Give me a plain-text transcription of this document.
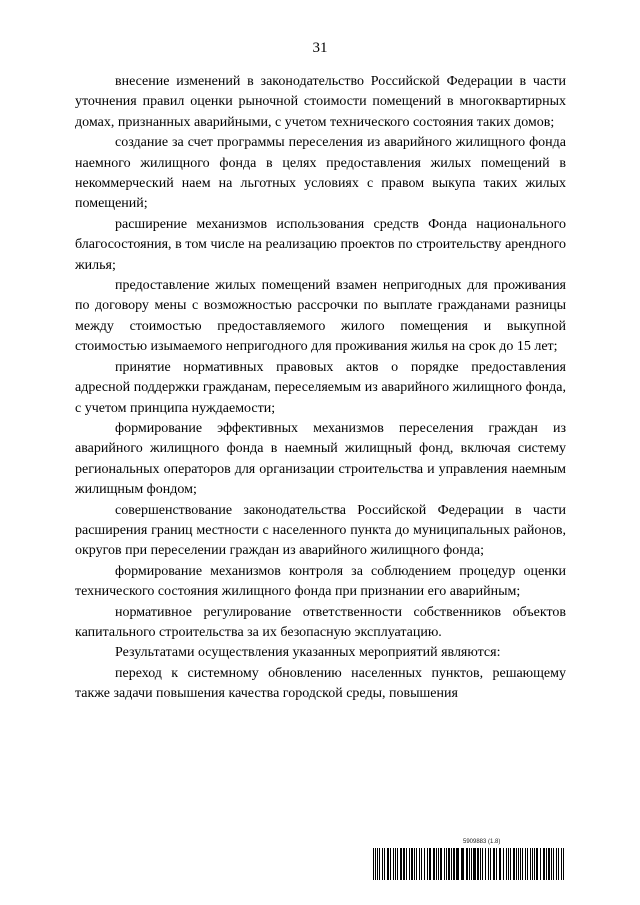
31

внесение изменений в законодательство Российской Федерации в части уточнения правил оценки рыночной стоимости помещений в многоквартирных домах, признанных аварийными, с учетом технического состояния таких домов;

создание за счет программы переселения из аварийного жилищного фонда наемного жилищного фонда в целях предоставления жилых помещений в некоммерческий наем на льготных условиях с правом выкупа таких жилых помещений;

расширение механизмов использования средств Фонда национального благосостояния, в том числе на реализацию проектов по строительству арендного жилья;

предоставление жилых помещений взамен непригодных для проживания по договору мены с возможностью рассрочки по выплате гражданами разницы между стоимостью предоставляемого жилого помещения и выкупной стоимостью изымаемого непригодного для проживания жилья на срок до 15 лет;

принятие нормативных правовых актов о порядке предоставления адресной поддержки гражданам, переселяемым из аварийного жилищного фонда, с учетом принципа нуждаемости;

формирование эффективных механизмов переселения граждан из аварийного жилищного фонда в наемный жилищный фонд, включая систему региональных операторов для организации строительства и управления наемным жилищным фондом;

совершенствование законодательства Российской Федерации в части расширения границ местности с населенного пункта до муниципальных районов, округов при переселении граждан из аварийного жилищного фонда;

формирование механизмов контроля за соблюдением процедур оценки технического состояния жилищного фонда при признании его аварийным;

нормативное регулирование ответственности собственников объектов капитального строительства за их безопасную эксплуатацию.

Результатами осуществления указанных мероприятий являются:

переход к системному обновлению населенных пунктов, решающему также задачи повышения качества городской среды, повышения

5909883 (1.8)
